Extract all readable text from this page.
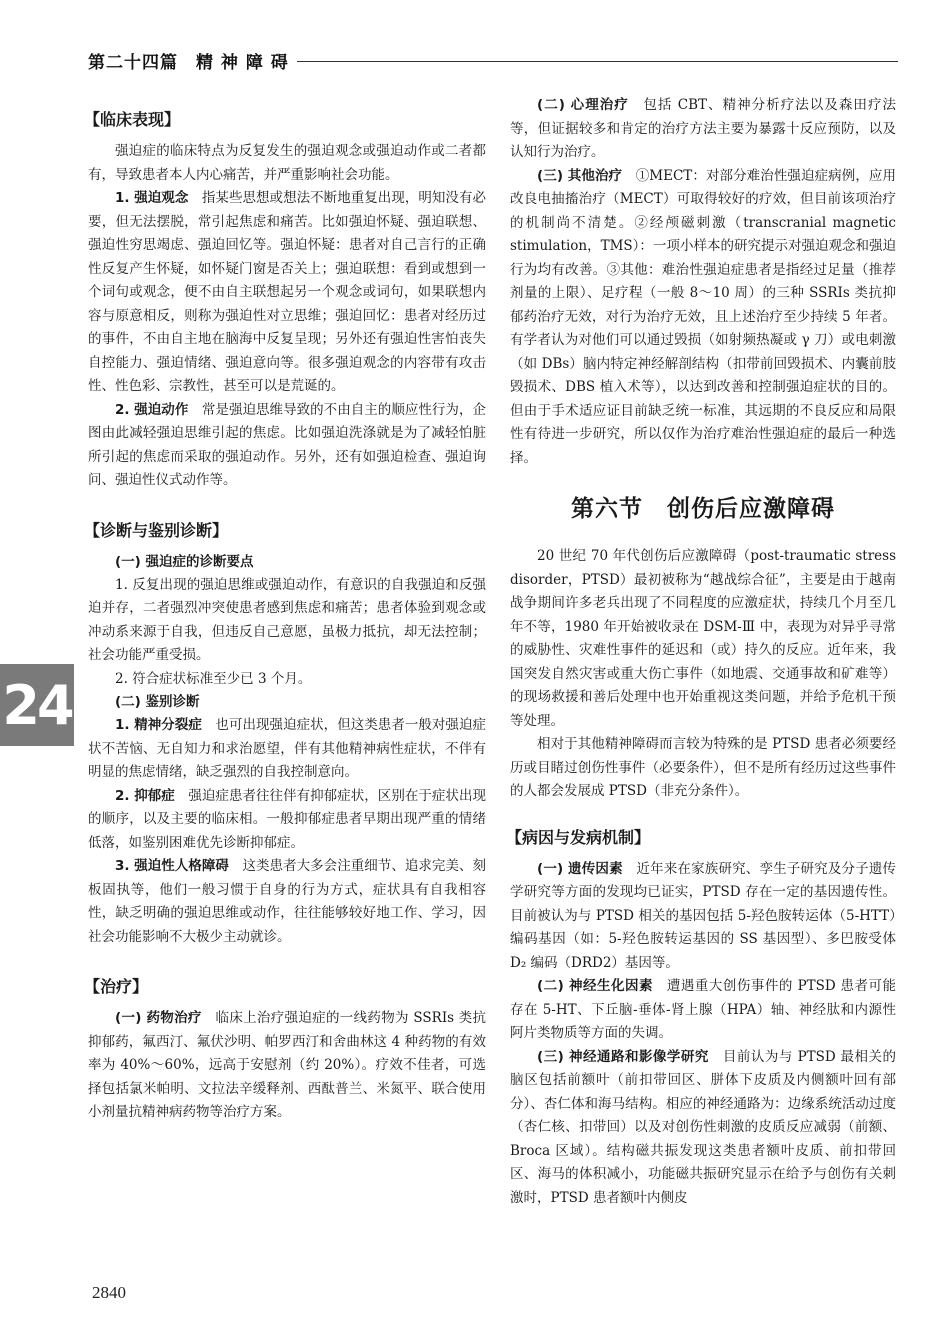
第二十四篇　精 神 障 碍
24
【临床表现】

强迫症的临床特点为反复发生的强迫观念或强迫动作或二者都有，导致患者本人内心痛苦，并严重影响社会功能。

1. 强迫观念　指某些思想或想法不断地重复出现，明知没有必要，但无法摆脱，常引起焦虑和痛苦。比如强迫怀疑、强迫联想、强迫性穷思竭虑、强迫回忆等。强迫怀疑：患者对自己言行的正确性反复产生怀疑，如怀疑门窗是否关上；强迫联想：看到或想到一个词句或观念，便不由自主联想起另一个观念或词句，如果联想内容与原意相反，则称为强迫性对立思维；强迫回忆：患者对经历过的事件，不由自主地在脑海中反复呈现；另外还有强迫性害怕丧失自控能力、强迫情绪、强迫意向等。很多强迫观念的内容带有攻击性、性色彩、宗教性，甚至可以是荒诞的。

2. 强迫动作　常是强迫思维导致的不由自主的顺应性行为，企图由此减轻强迫思维引起的焦虑。比如强迫洗涤就是为了减轻怕脏所引起的焦虑而采取的强迫动作。另外，还有如强迫检查、强迫询问、强迫性仪式动作等。

【诊断与鉴别诊断】
(一) 强迫症的诊断要点

1. 反复出现的强迫思维或强迫动作，有意识的自我强迫和反强迫并存，二者强烈冲突使患者感到焦虑和痛苦；患者体验到观念或冲动系来源于自我，但违反自己意愿，虽极力抵抗，却无法控制；社会功能严重受损。

2. 符合症状标准至少已 3 个月。

(二) 鉴别诊断

1. 精神分裂症　也可出现强迫症状，但这类患者一般对强迫症状不苦恼、无自知力和求治愿望，伴有其他精神病性症状，不伴有明显的焦虑情绪，缺乏强烈的自我控制意向。

2. 抑郁症　强迫症患者往往伴有抑郁症状，区别在于症状出现的顺序，以及主要的临床相。一般抑郁症患者早期出现严重的情绪低落，如鉴别困难优先诊断抑郁症。

3. 强迫性人格障碍　这类患者大多会注重细节、追求完美、刻板固执等，他们一般习惯于自身的行为方式，症状具有自我相容性，缺乏明确的强迫思维或动作，往往能够较好地工作、学习，因社会功能影响不大极少主动就诊。

【治疗】

(一) 药物治疗　临床上治疗强迫症的一线药物为 SSRIs 类抗抑郁药，氟西汀、氟伏沙明、帕罗西汀和舍曲林这 4 种药物的有效率为 40%～60%，远高于安慰剂（约 20%）。疗效不佳者，可选择包括氯米帕明、文拉法辛缓释剂、西酞普兰、米氮平、联合使用小剂量抗精神病药物等治疗方案。

(二) 心理治疗　包括 CBT、精神分析疗法以及森田疗法等，但证据较多和肯定的治疗方法主要为暴露十反应预防，以及认知行为治疗。

(三) 其他治疗　①MECT：对部分难治性强迫症病例，应用改良电抽搐治疗（MECT）可取得较好的疗效，但目前该项治疗的机制尚不清楚。②经颅磁刺激（transcranial magnetic stimulation，TMS）：一项小样本的研究提示对强迫观念和强迫行为均有改善。③其他：难治性强迫症患者是指经过足量（推荐剂量的上限）、足疗程（一般 8～10 周）的三种 SSRIs 类抗抑郁药治疗无效，对行为治疗无效，且上述治疗至少持续 5 年者。有学者认为对他们可以通过毁损（如射频热凝或 γ 刀）或电刺激（如 DBs）脑内特定神经解剖结构（扣带前回毁损术、内囊前肢毁损术、DBS 植入术等），以达到改善和控制强迫症状的目的。但由于手术适应证目前缺乏统一标准，其远期的不良反应和局限性有待进一步研究，所以仅作为治疗难治性强迫症的最后一种选择。

第六节　创伤后应激障碍

20 世纪 70 年代创伤后应激障碍（post-traumatic stress disorder，PTSD）最初被称为“越战综合征”，主要是由于越南战争期间许多老兵出现了不同程度的应激症状，持续几个月至几年不等，1980 年开始被收录在 DSM-Ⅲ 中，表现为对异乎寻常的威胁性、灾难性事件的延迟和（或）持久的反应。近年来，我国突发自然灾害或重大伤亡事件（如地震、交通事故和矿难等）的现场救援和善后处理中也开始重视这类问题，并给予危机干预等处理。

相对于其他精神障碍而言较为特殊的是 PTSD 患者必须要经历或目睹过创伤性事件（必要条件），但不是所有经历过这些事件的人都会发展成 PTSD（非充分条件）。

【病因与发病机制】

(一) 遗传因素　近年来在家族研究、孪生子研究及分子遗传学研究等方面的发现均已证实，PTSD 存在一定的基因遗传性。目前被认为与 PTSD 相关的基因包括 5-羟色胺转运体（5-HTT）编码基因（如：5-羟色胺转运基因的 SS 基因型）、多巴胺受体 D₂ 编码（DRD2）基因等。

(二) 神经生化因素　遭遇重大创伤事件的 PTSD 患者可能存在 5-HT、下丘脑-垂体-肾上腺（HPA）轴、神经肽和内源性阿片类物质等方面的失调。

(三) 神经通路和影像学研究　目前认为与 PTSD 最相关的脑区包括前额叶（前扣带回区、胼体下皮质及内侧额叶回有部分）、杏仁体和海马结构。相应的神经通路为：边缘系统活动过度（杏仁核、扣带回）以及对创伤性刺激的皮质反应减弱（前额、Broca 区域）。结构磁共振发现这类患者额叶皮质、前扣带回区、海马的体积减小，功能磁共振研究显示在给予与创伤有关刺激时，PTSD 患者额叶内侧皮

2840
